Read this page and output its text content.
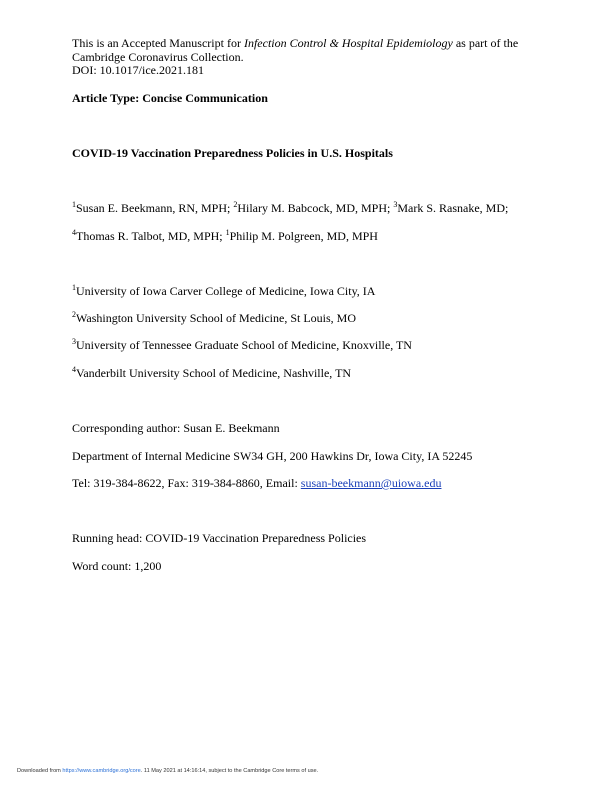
This is an Accepted Manuscript for Infection Control & Hospital Epidemiology as part of the
Cambridge Coronavirus Collection.
DOI: 10.1017/ice.2021.181
Article Type: Concise Communication
COVID-19 Vaccination Preparedness Policies in U.S. Hospitals
$^1$Susan E. Beekmann, RN, MPH; $^2$Hilary M. Babcock, MD, MPH; $^3$Mark S. Rasnake, MD;
$^4$Thomas R. Talbot, MD, MPH; $^1$Philip M. Polgreen, MD, MPH
$^1$University of Iowa Carver College of Medicine, Iowa City, IA
$^2$Washington University School of Medicine, St Louis, MO
$^3$University of Tennessee Graduate School of Medicine, Knoxville, TN
$^4$Vanderbilt University School of Medicine, Nashville, TN
Corresponding author: Susan E. Beekmann
Department of Internal Medicine SW34 GH, 200 Hawkins Dr, Iowa City, IA 52245
Tel: 319-384-8622, Fax: 319-384-8860, Email: susan-beekmann@uiowa.edu
Running head: COVID-19 Vaccination Preparedness Policies
Word count: 1,200
Downloaded from https://www.cambridge.org/core. 11 May 2021 at 14:16:14, subject to the Cambridge Core terms of use.
